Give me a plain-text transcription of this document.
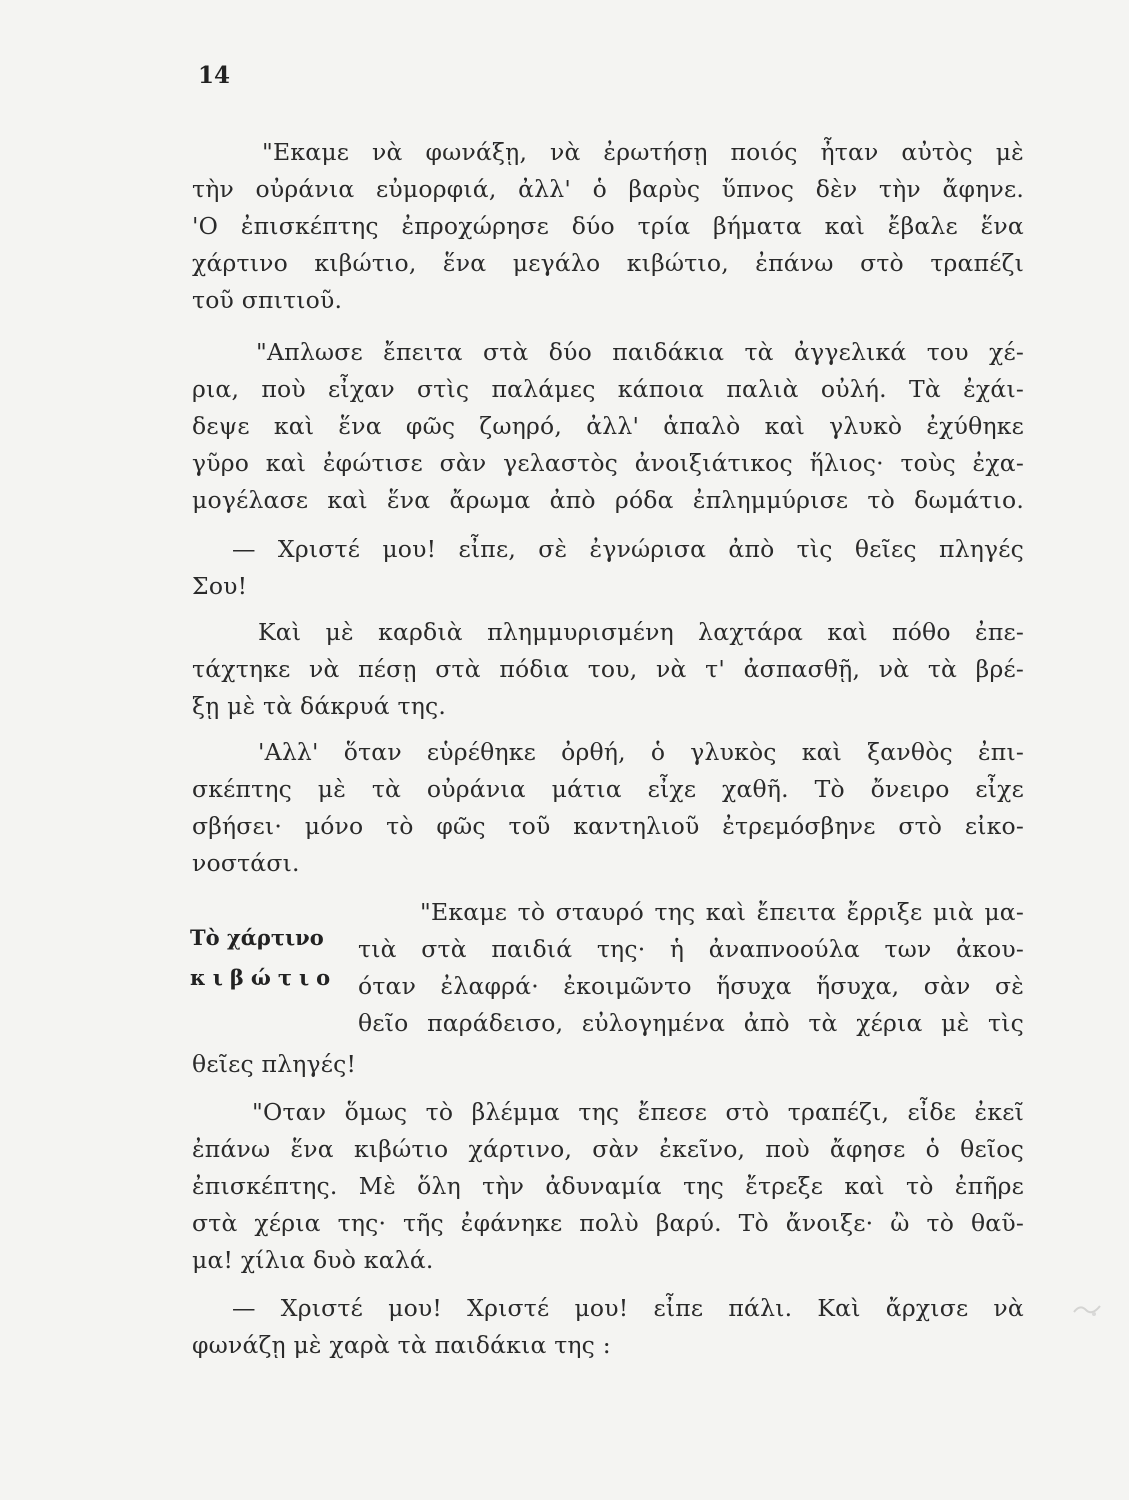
14
"Εκαμε νὰ φωνάξῃ, νὰ ἐρωτήσῃ ποιός ἦταν αὐτὸς μὲ
τὴν οὐράνια εὐμορφιά, ἀλλ' ὁ βαρὺς ὕπνος δὲν τὴν ἄφηνε.
'Ο ἐπισκέπτης ἐπροχώρησε δύο τρία βήματα καὶ ἔβαλε ἕνα
χάρτινο κιβώτιο, ἕνα μεγάλο κιβώτιο, ἐπάνω στὸ τραπέζι
τοῦ σπιτιοῦ.
"Απλωσε ἔπειτα στὰ δύο παιδάκια τὰ ἀγγελικά του χέ-
ρια, ποὺ εἶχαν στὶς παλάμες κάποια παλιὰ οὐλή. Τὰ ἐχάι-
δεψε καὶ ἕνα φῶς ζωηρό, ἀλλ' ἁπαλὸ καὶ γλυκὸ ἐχύθηκε
γῦρο καὶ ἐφώτισε σὰν γελαστὸς ἀνοιξιάτικος ἥλιος· τοὺς ἐχα-
μογέλασε καὶ ἕνα ἄρωμα ἀπὸ ρόδα ἐπλημμύρισε τὸ δωμάτιο.
— Χριστέ μου! εἶπε, σὲ ἐγνώρισα ἀπὸ τὶς θεῖες πληγές
Σου!
Καὶ μὲ καρδιὰ πλημμυρισμένη λαχτάρα καὶ πόθο ἐπε-
τάχτηκε νὰ πέσῃ στὰ πόδια του, νὰ τ' ἀσπασθῇ, νὰ τὰ βρέ-
ξῃ μὲ τὰ δάκρυά της.
'Αλλ' ὅταν εὑρέθηκε ὀρθή, ὁ γλυκὸς καὶ ξανθὸς ἐπι-
σκέπτης μὲ τὰ οὐράνια μάτια εἶχε χαθῆ. Τὸ ὄνειρο εἶχε
σβήσει· μόνο τὸ φῶς τοῦ καντηλιοῦ ἐτρεμόσβηνε στὸ εἰκο-
νοστάσι.
Τὸ χάρτινο
κιβώτιο
"Εκαμε τὸ σταυρό της καὶ ἔπειτα ἔρριξε μιὰ μα-
τιὰ στὰ παιδιά της· ἡ ἀναπνοούλα των ἀκου-
όταν ἐλαφρά· ἐκοιμῶντο ἥσυχα ἥσυχα, σὰν σὲ
θεῖο παράδεισο, εὐλογημένα ἀπὸ τὰ χέρια μὲ τὶς
θεῖες πληγές!
"Οταν ὅμως τὸ βλέμμα της ἔπεσε στὸ τραπέζι, εἶδε ἐκεῖ
ἐπάνω ἕνα κιβώτιο χάρτινο, σὰν ἐκεῖνο, ποὺ ἄφησε ὁ θεῖος
ἐπισκέπτης. Μὲ ὅλη τὴν ἀδυναμία της ἔτρεξε καὶ τὸ ἐπῆρε
στὰ χέρια της· τῆς ἐφάνηκε πολὺ βαρύ. Τὸ ἄνοιξε· ὢ τὸ θαῦ-
μα! χίλια δυὸ καλά.
— Χριστέ μου! Χριστέ μου! εἶπε πάλι. Καὶ ἄρχισε νὰ
φωνάζῃ μὲ χαρὰ τὰ παιδάκια της :
